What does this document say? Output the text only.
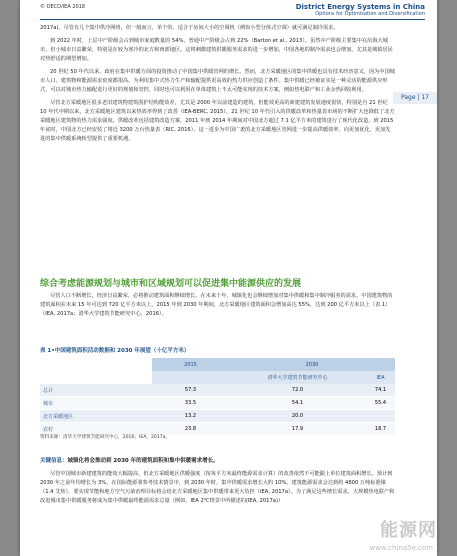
© OECD/IEA 2018	District Energy Systems in China
Options for Optimisation and Diversification
Page | 17

2017a)。尽管有几个集中供冷网络，但一般而言，单个的、适合于房间大小的空调机（例如小型分体式空调）就可满足制冷需求。

到 2022 年时，上层中产阶级会占到城市家庭数量的 54%，普通中产阶级会占到 22%（Barton et al., 2013）。虽然中产阶级主要集中在沿海大城市，但小城市日益繁荣，特别是在较为寒冷的北方和西部地区。这将刺激建筑供暖服务需求的进一步增加，中国各地的制冷需求也会增加，尤其是城镇居民对热舒适的期望增加。

20 世纪 50 年代以来，政府在集中供暖方面的投资推动了中国集中供暖管网的增长。然而，北方采暖地区的集中供暖也具有技术经济意义，因为中国城市人口、建筑物和能源需求密度都很高。为利用集中式热力生产和输配提供更高效的热力供应创造了条件。集中供暖已经被证实是一种灵活的能源供应形式，可以对城市热力输配进行更好的规划和管控，同时也可以利用在单体建筑上不太可能实现的技术方案，例如热电联产和工业余热回收利用。

尽管北方采暖地区很多老旧建筑物建筑围护结构能效差，尤其是 2000 年以前建造的建筑，但能效更高的新建建筑发展速度很快，特别是自 21 世纪 10 年代中期以来，北方采暖地区建筑以来热效率得到了改善（IEA-BERC, 2015）。21 世纪 10 年代引入的供暖改革和热量表市场的不断扩大也降低了北方采暖地区建筑物的热力需求强度。供暖改革包括建筑改造方案，2011 年到 2014 年期间对中国北方超过 7.1 亿平方米的建筑进行了现代化改造，到 2015 年底时，中国北方已经安装了将近 3200 万台热量表（RIC, 2016）。这一进步为中国广袤的北方采暖地区管网进一步提高供暖效率，向更加优化、更加先进的集中供暖系统转型提供了重要机遇。

综合考虑能源规划与城市和区域规划可以促进集中能源供应的发展

尽管人口不断增长，经济日益繁荣，必将推动建筑面积继续增长。在未来十年，城镇化也会继续增加对集中供暖和集中制冷服务的需求。中国建筑物的建筑面积在未来 15 年可达到 720 亿平方米以上，2015 年到 2030 年期间，北方采暖地区建筑面积会增加高达 55%，达到 200 亿平方米以上（表 1）（IEA, 2017a；清华大学建筑节能研究中心，2016）。

表 1•中国建筑面积活动数据和 2030 年展望（十亿平方米）
	2015	2030	
		清华大学建筑节能研究中心	IEA
总计	57.3	72.0	74.1
城市	33.5	54.1	55.4
北方采暖地区	13.2	20.0	
农村	23.8	17.9	18.7
资料来源：清华大学建筑节能研究中心，2016；IEA，2017a。
关键信息：城镇化将会推动到 2030 年的建筑面积和集中供暖需求增长。

尽管中国城市新建建筑的能效大幅提高，但北方采暖地区供暖强度（按每平方米最终能源需求计算）的改善依然不可能跟上单位建筑面积增长。预计到 2030 年之前年均增长为 3%，在国际能源署参考技术情景中，到 2030 年时，集中供暖需求增长大约 10%。建筑能源需求会达到约 4800 万吨标准煤（1.4 艾焦），要实现节能和地方空气污染治理目标将会给北方采暖地区集中供暖带来更大负担（IEA, 2017a）。为了满足这些增长需求，大规模热电联产和改进城市集中供暖服务将成为集中供暖最终能源需求总量（例如，IEA 2℃情景中所描述的(IEA, 2017a)）

能源网
www.china5e.com
